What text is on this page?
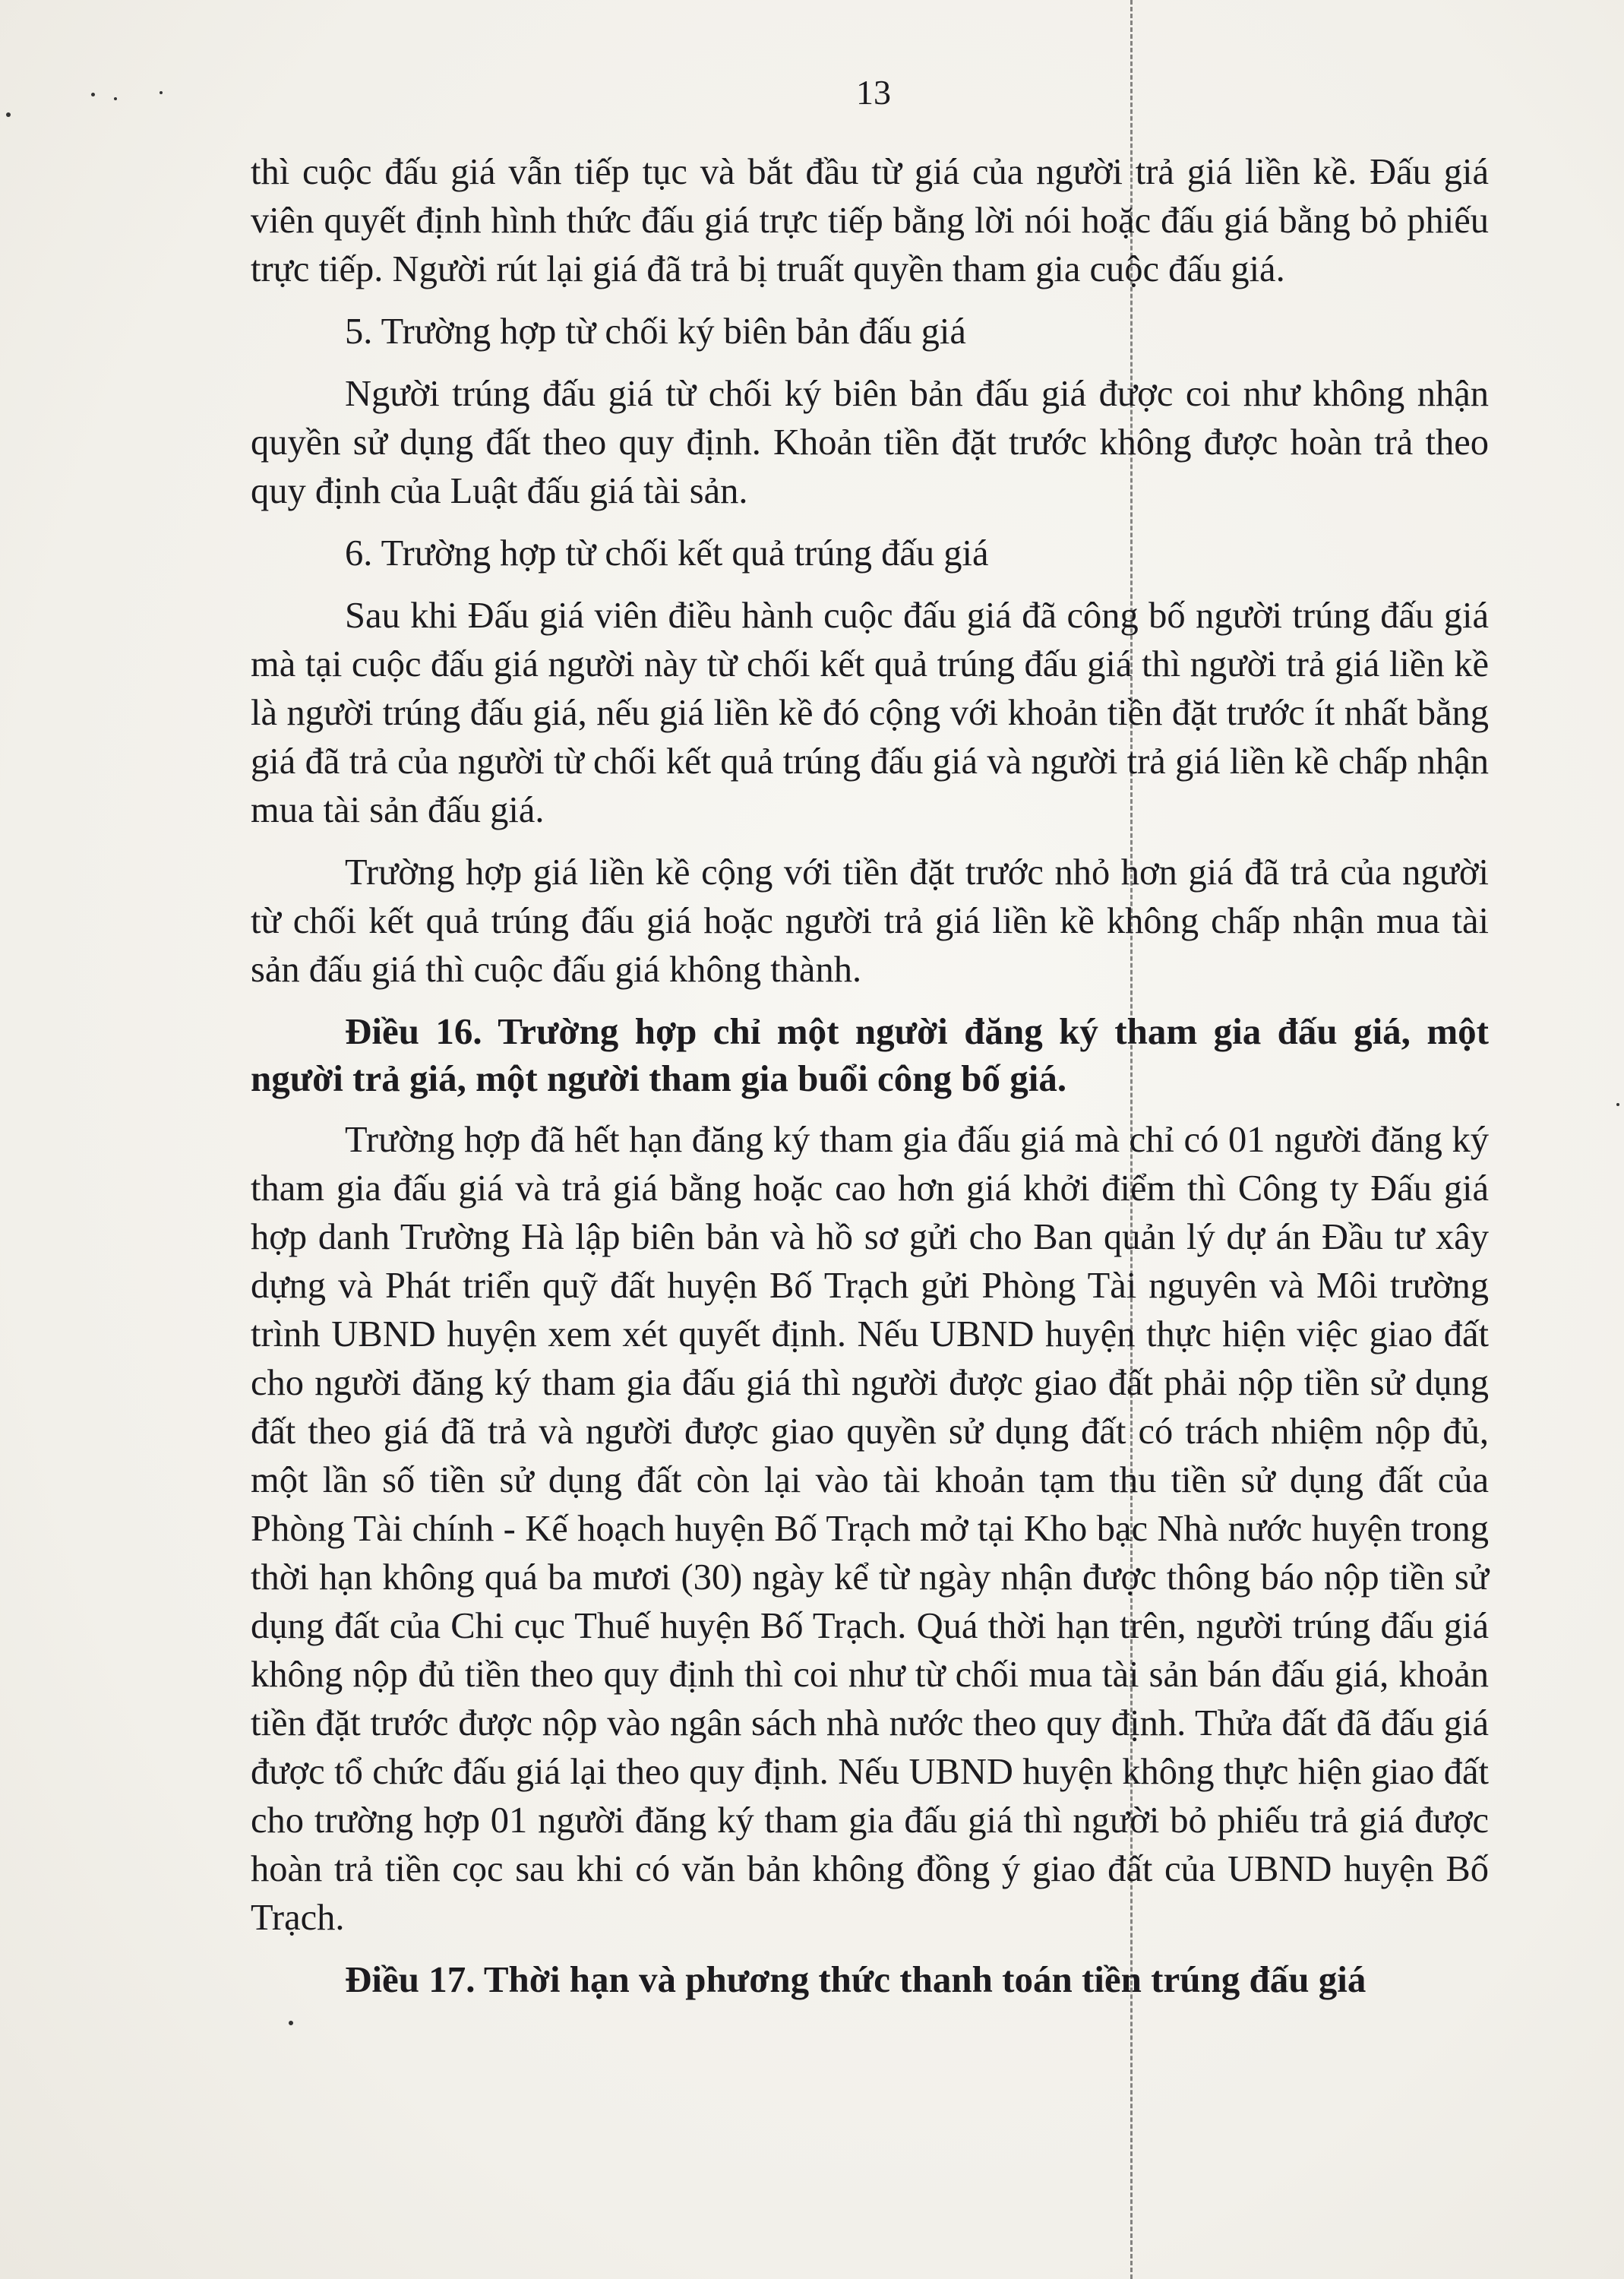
13

thì cuộc đấu giá vẫn tiếp tục và bắt đầu từ giá của người trả giá liền kề. Đấu giá viên quyết định hình thức đấu giá trực tiếp bằng lời nói hoặc đấu giá bằng bỏ phiếu trực tiếp. Người rút lại giá đã trả bị truất quyền tham gia cuộc đấu giá.

5. Trường hợp từ chối ký biên bản đấu giá

Người trúng đấu giá từ chối ký biên bản đấu giá được coi như không nhận quyền sử dụng đất theo quy định. Khoản tiền đặt trước không được hoàn trả theo quy định của Luật đấu giá tài sản.

6. Trường hợp từ chối kết quả trúng đấu giá

Sau khi Đấu giá viên điều hành cuộc đấu giá đã công bố người trúng đấu giá mà tại cuộc đấu giá người này từ chối kết quả trúng đấu giá thì người trả giá liền kề là người trúng đấu giá, nếu giá liền kề đó cộng với khoản tiền đặt trước ít nhất bằng giá đã trả của người từ chối kết quả trúng đấu giá và người trả giá liền kề chấp nhận mua tài sản đấu giá.

Trường hợp giá liền kề cộng với tiền đặt trước nhỏ hơn giá đã trả của người từ chối kết quả trúng đấu giá hoặc người trả giá liền kề không chấp nhận mua tài sản đấu giá thì cuộc đấu giá không thành.

Điều 16. Trường hợp chỉ một người đăng ký tham gia đấu giá, một người trả giá, một người tham gia buổi công bố giá.

Trường hợp đã hết hạn đăng ký tham gia đấu giá mà chỉ có 01 người đăng ký tham gia đấu giá và trả giá bằng hoặc cao hơn giá khởi điểm thì Công ty Đấu giá hợp danh Trường Hà lập biên bản và hồ sơ gửi cho Ban quản lý dự án Đầu tư xây dựng và Phát triển quỹ đất huyện Bố Trạch gửi Phòng Tài nguyên và Môi trường trình UBND huyện xem xét quyết định. Nếu UBND huyện thực hiện việc giao đất cho người đăng ký tham gia đấu giá thì người được giao đất phải nộp tiền sử dụng đất theo giá đã trả và người được giao quyền sử dụng đất có trách nhiệm nộp đủ, một lần số tiền sử dụng đất còn lại vào tài khoản tạm thu tiền sử dụng đất của Phòng Tài chính - Kế hoạch huyện Bố Trạch mở tại Kho bạc Nhà nước huyện trong thời hạn không quá ba mươi (30) ngày kể từ ngày nhận được thông báo nộp tiền sử dụng đất của Chi cục Thuế huyện Bố Trạch. Quá thời hạn trên, người trúng đấu giá không nộp đủ tiền theo quy định thì coi như từ chối mua tài sản bán đấu giá, khoản tiền đặt trước được nộp vào ngân sách nhà nước theo quy định. Thửa đất đã đấu giá được tổ chức đấu giá lại theo quy định. Nếu UBND huyện không thực hiện giao đất cho trường hợp 01 người đăng ký tham gia đấu giá thì người bỏ phiếu trả giá được hoàn trả tiền cọc sau khi có văn bản không đồng ý giao đất của UBND huyện Bố Trạch.

Điều 17. Thời hạn và phương thức thanh toán tiền trúng đấu giá
